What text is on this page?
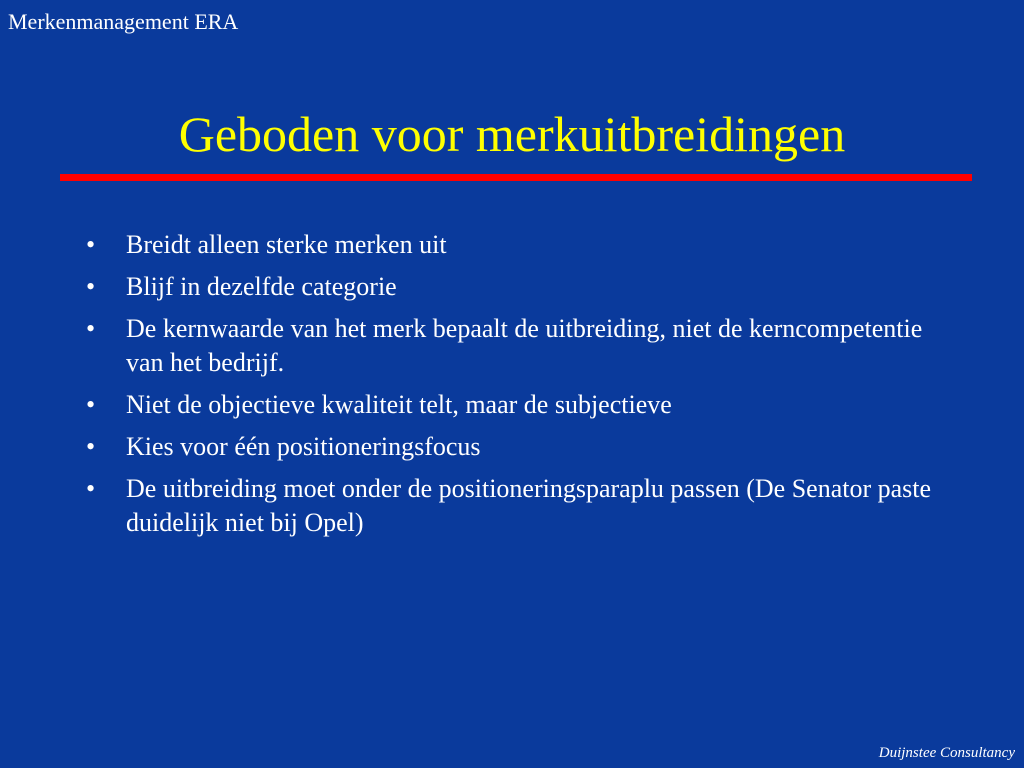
Merkenmanagement ERA
Geboden voor merkuitbreidingen
•	Breidt alleen sterke merken uit
•	Blijf in dezelfde categorie
•	De kernwaarde van het merk bepaalt de uitbreiding, niet de kerncompetentie van het bedrijf.
•	Niet de objectieve kwaliteit telt, maar de subjectieve
•	Kies voor één positioneringsfocus
•	De uitbreiding moet onder de positioneringsparaplu passen (De Senator paste duidelijk niet bij Opel)
Duijnstee Consultancy
